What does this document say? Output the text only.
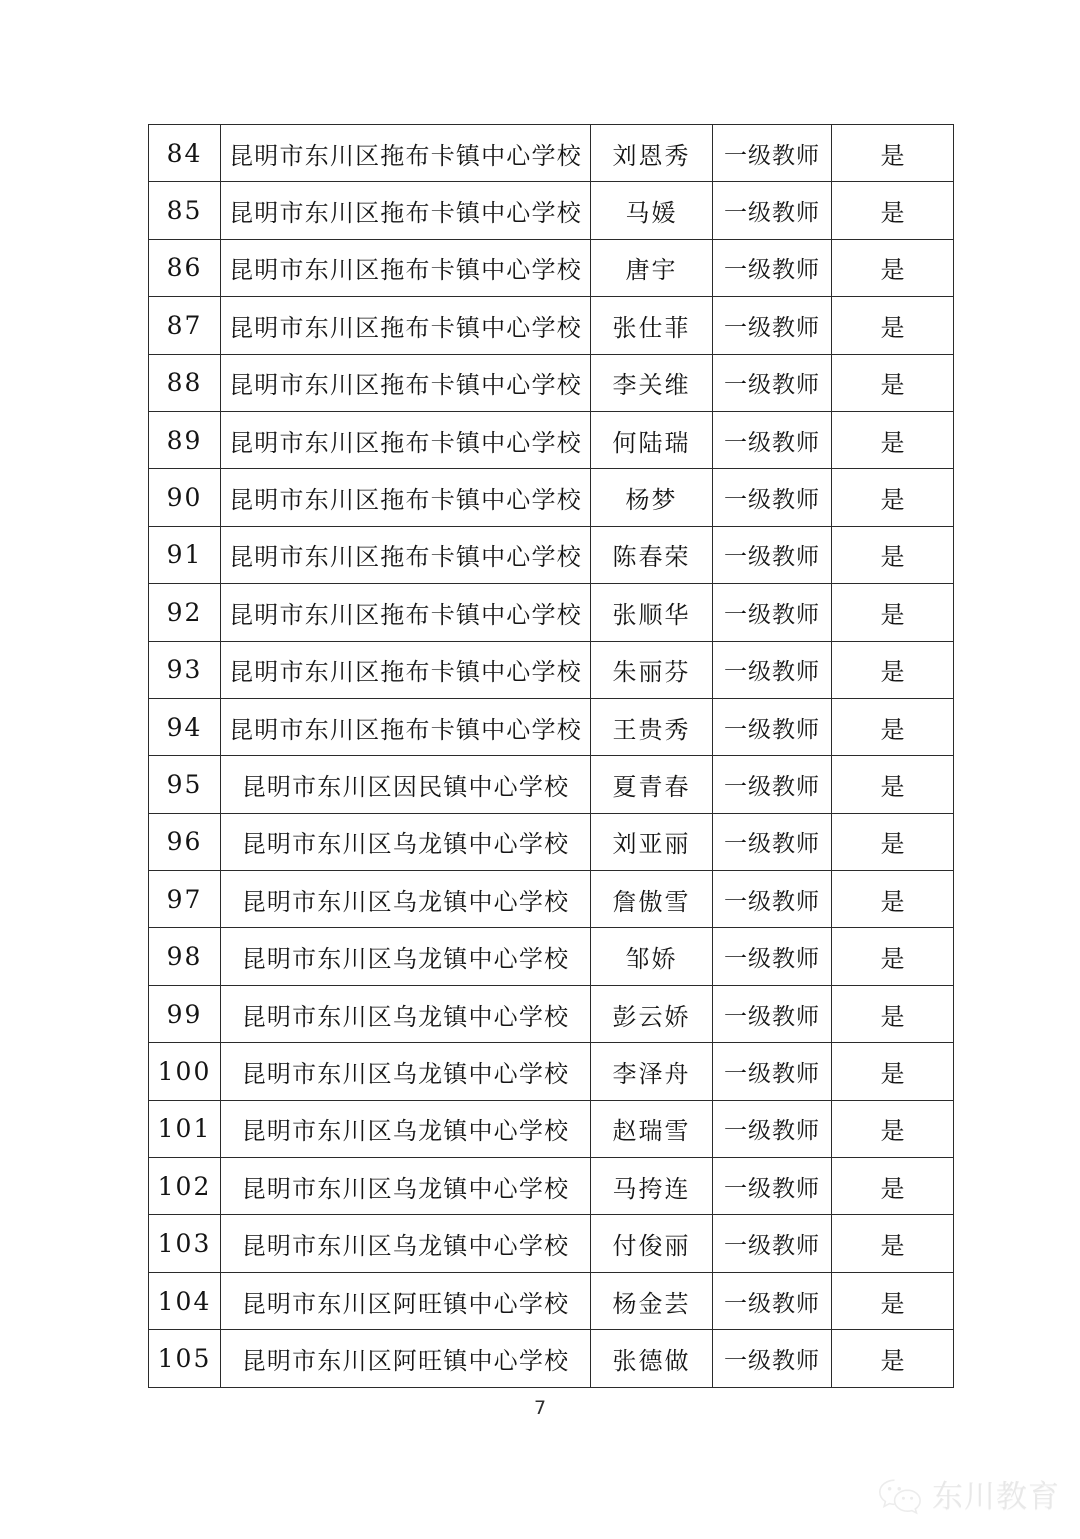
84	昆明市东川区拖布卡镇中心学校	刘恩秀	一级教师	是
85	昆明市东川区拖布卡镇中心学校	马媛	一级教师	是
86	昆明市东川区拖布卡镇中心学校	唐宇	一级教师	是
87	昆明市东川区拖布卡镇中心学校	张仕菲	一级教师	是
88	昆明市东川区拖布卡镇中心学校	李关维	一级教师	是
89	昆明市东川区拖布卡镇中心学校	何陆瑞	一级教师	是
90	昆明市东川区拖布卡镇中心学校	杨梦	一级教师	是
91	昆明市东川区拖布卡镇中心学校	陈春荣	一级教师	是
92	昆明市东川区拖布卡镇中心学校	张顺华	一级教师	是
93	昆明市东川区拖布卡镇中心学校	朱丽芬	一级教师	是
94	昆明市东川区拖布卡镇中心学校	王贵秀	一级教师	是
95	昆明市东川区因民镇中心学校	夏青春	一级教师	是
96	昆明市东川区乌龙镇中心学校	刘亚丽	一级教师	是
97	昆明市东川区乌龙镇中心学校	詹傲雪	一级教师	是
98	昆明市东川区乌龙镇中心学校	邹娇	一级教师	是
99	昆明市东川区乌龙镇中心学校	彭云娇	一级教师	是
100	昆明市东川区乌龙镇中心学校	李泽舟	一级教师	是
101	昆明市东川区乌龙镇中心学校	赵瑞雪	一级教师	是
102	昆明市东川区乌龙镇中心学校	马挎连	一级教师	是
103	昆明市东川区乌龙镇中心学校	付俊丽	一级教师	是
104	昆明市东川区阿旺镇中心学校	杨金芸	一级教师	是
105	昆明市东川区阿旺镇中心学校	张德做	一级教师	是
7
东川教育
